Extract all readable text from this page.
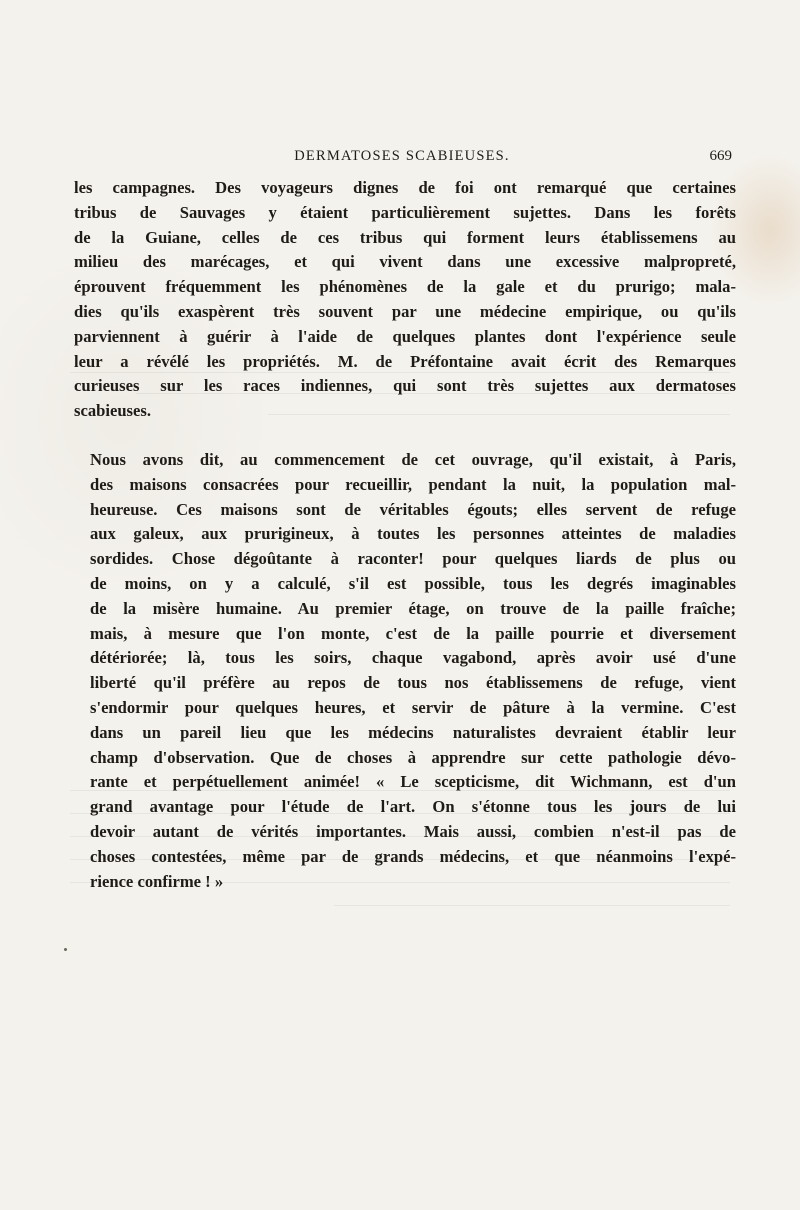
DERMATOSES SCABIEUSES.	669

les campagnes. Des voyageurs dignes de foi ont remarqué que certaines
tribus de Sauvages y étaient particulièrement sujettes. Dans les forêts
de la Guiane, celles de ces tribus qui forment leurs établissemens au
milieu des marécages, et qui vivent dans une excessive malpropreté,
éprouvent fréquemment les phénomènes de la gale et du prurigo; mala-
dies qu'ils exaspèrent très souvent par une médecine empirique, ou qu'ils
parviennent à guérir à l'aide de quelques plantes dont l'expérience seule
leur a révélé les propriétés. M. de Préfontaine avait écrit des Remarques
curieuses sur les races indiennes, qui sont très sujettes aux dermatoses
scabieuses.

Nous avons dit, au commencement de cet ouvrage, qu'il existait, à Paris,
des maisons consacrées pour recueillir, pendant la nuit, la population mal-
heureuse. Ces maisons sont de véritables égouts; elles servent de refuge
aux galeux, aux prurigineux, à toutes les personnes atteintes de maladies
sordides. Chose dégoûtante à raconter! pour quelques liards de plus ou
de moins, on y a calculé, s'il est possible, tous les degrés imaginables
de la misère humaine. Au premier étage, on trouve de la paille fraîche;
mais, à mesure que l'on monte, c'est de la paille pourrie et diversement
détériorée; là, tous les soirs, chaque vagabond, après avoir usé d'une
liberté qu'il préfère au repos de tous nos établissemens de refuge, vient
s'endormir pour quelques heures, et servir de pâture à la vermine. C'est
dans un pareil lieu que les médecins naturalistes devraient établir leur
champ d'observation. Que de choses à apprendre sur cette pathologie dévo-
rante et perpétuellement animée! « Le scepticisme, dit Wichmann, est d'un
grand avantage pour l'étude de l'art. On s'étonne tous les jours de lui
devoir autant de vérités importantes. Mais aussi, combien n'est-il pas de
choses contestées, même par de grands médecins, et que néanmoins l'expé-
rience confirme ! »
